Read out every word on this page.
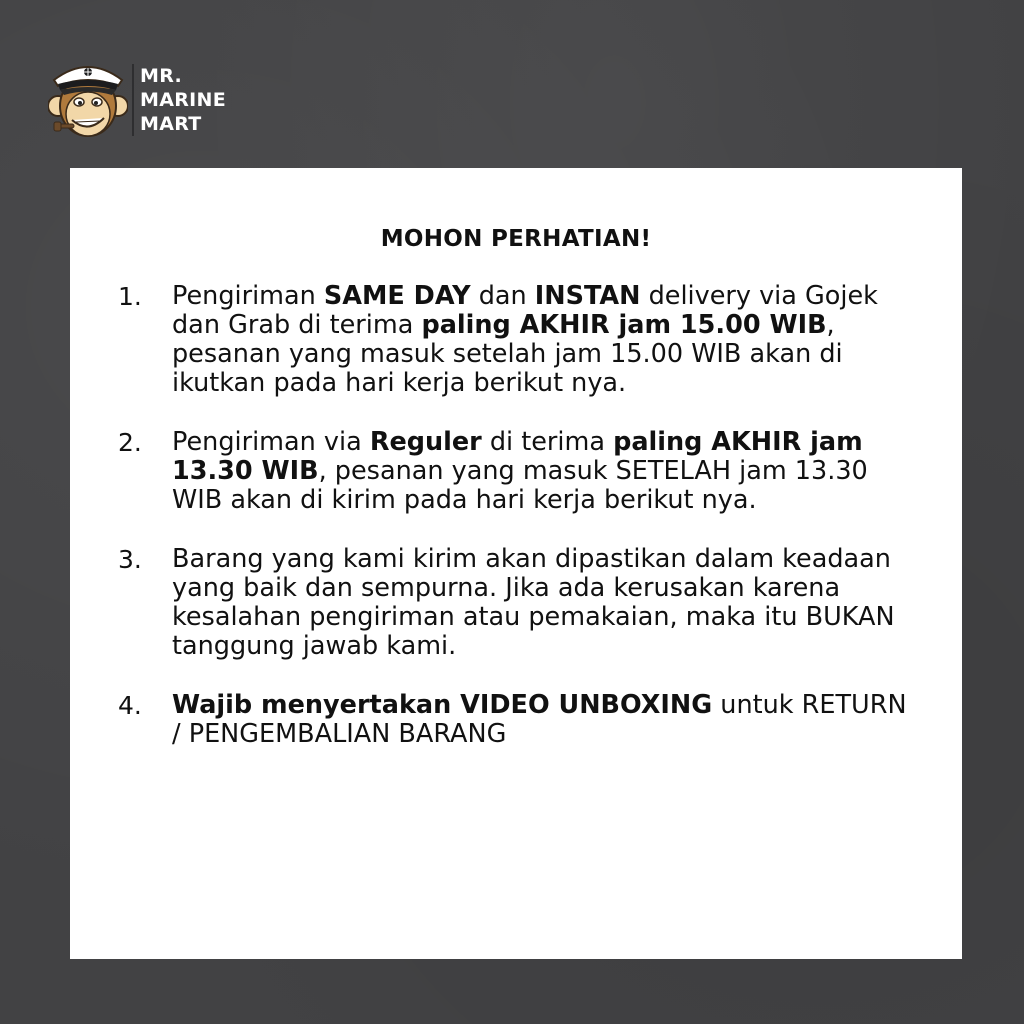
MR.
MARINE
MART

MOHON PERHATIAN!
1.	Pengiriman SAME DAY dan INSTAN delivery via Gojek dan Grab di terima paling AKHIR jam 15.00 WIB, pesanan yang masuk setelah jam 15.00 WIB akan di ikutkan pada hari kerja berikut nya.
2.	Pengiriman via Reguler di terima paling AKHIR jam 13.30 WIB, pesanan yang masuk SETELAH jam 13.30 WIB akan di kirim pada hari kerja berikut nya.
3.	Barang yang kami kirim akan dipastikan dalam keadaan yang baik dan sempurna. Jika ada kerusakan karena kesalahan pengiriman atau pemakaian, maka itu BUKAN tanggung jawab kami.
4.	Wajib menyertakan VIDEO UNBOXING untuk RETURN / PENGEMBALIAN BARANG
